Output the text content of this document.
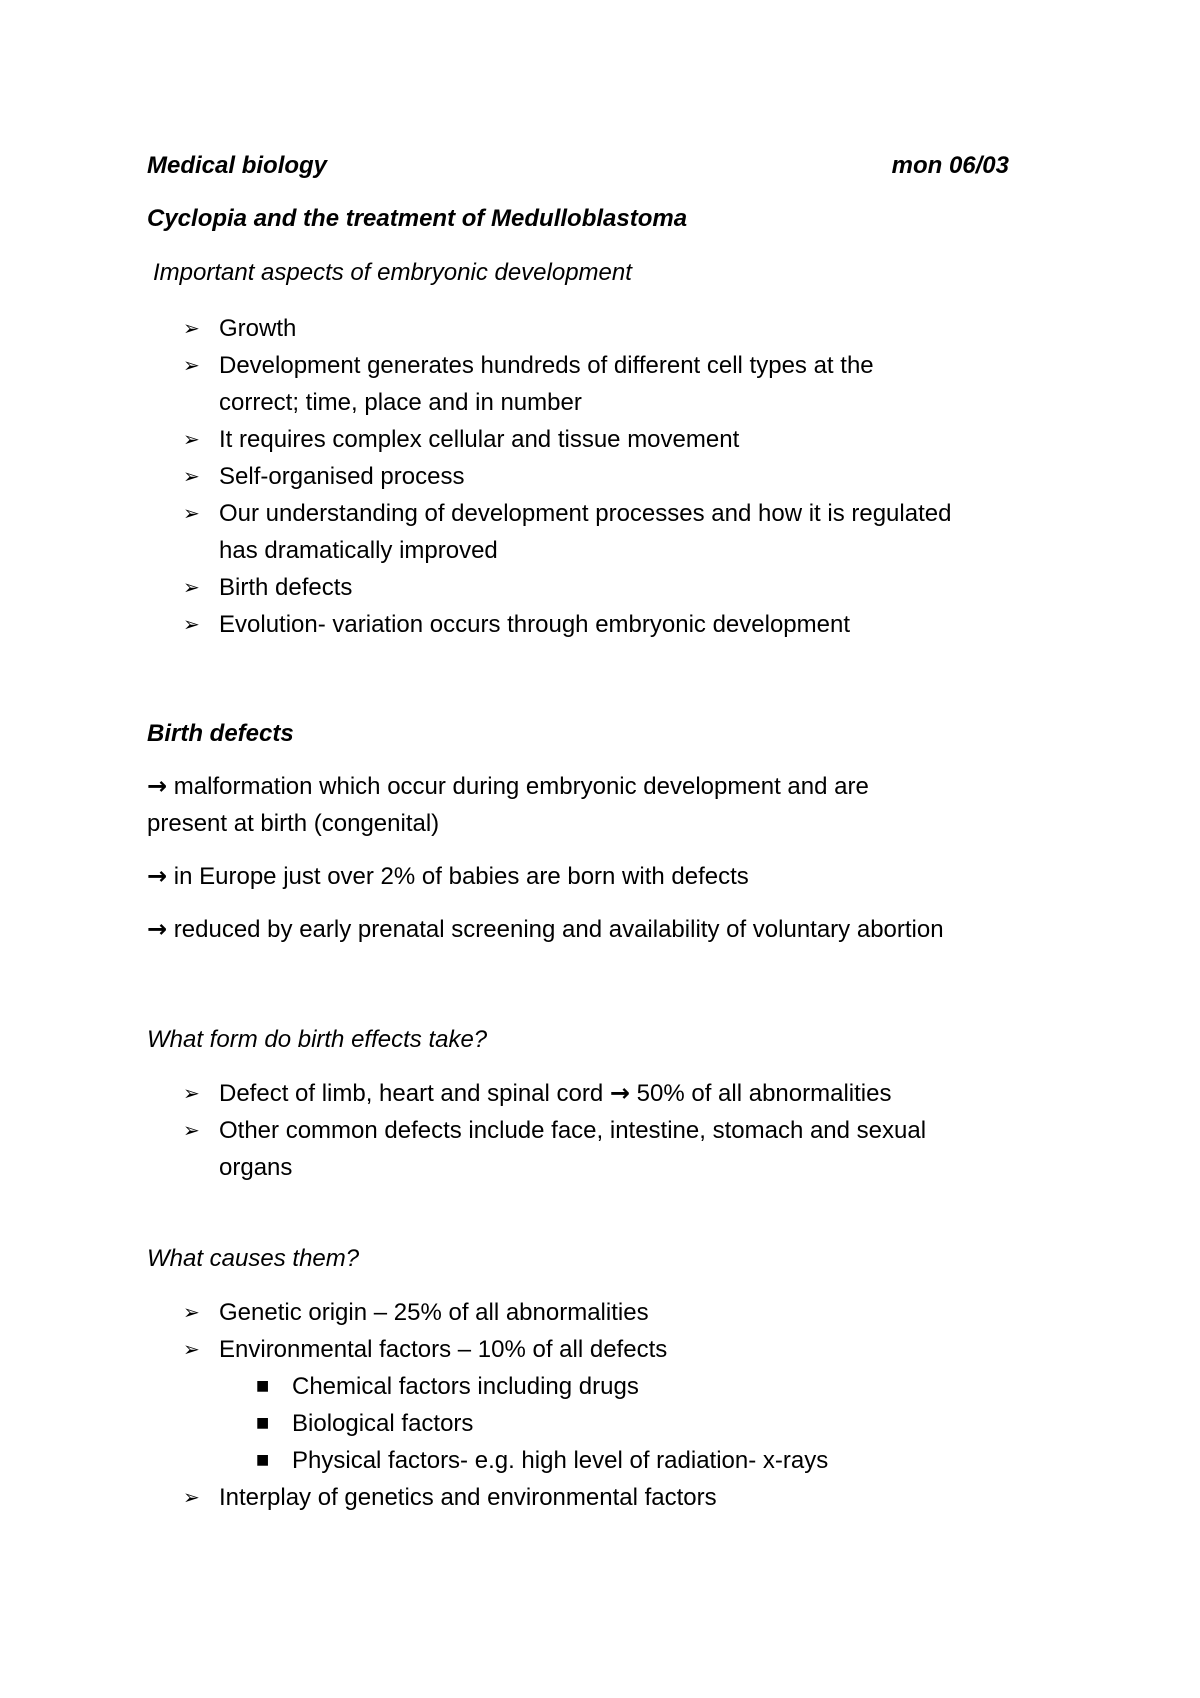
Medical biology	mon 06/03
Cyclopia and the treatment of Medulloblastoma
Important aspects of embryonic development
➢ Growth
➢ Development generates hundreds of different cell types at the
correct; time, place and in number
➢ It requires complex cellular and tissue movement
➢ Self-organised process
➢ Our understanding of development processes and how it is regulated
has dramatically improved
➢ Birth defects
➢ Evolution- variation occurs through embryonic development
Birth defects
→ malformation which occur during embryonic development and are
present at birth (congenital)
→ in Europe just over 2% of babies are born with defects
→ reduced by early prenatal screening and availability of voluntary abortion
What form do birth effects take?
➢ Defect of limb, heart and spinal cord → 50% of all abnormalities
➢ Other common defects include face, intestine, stomach and sexual
organs
What causes them?
➢ Genetic origin – 25% of all abnormalities
➢ Environmental factors – 10% of all defects
■ Chemical factors including drugs
■ Biological factors
■ Physical factors- e.g. high level of radiation- x-rays
➢ Interplay of genetics and environmental factors
